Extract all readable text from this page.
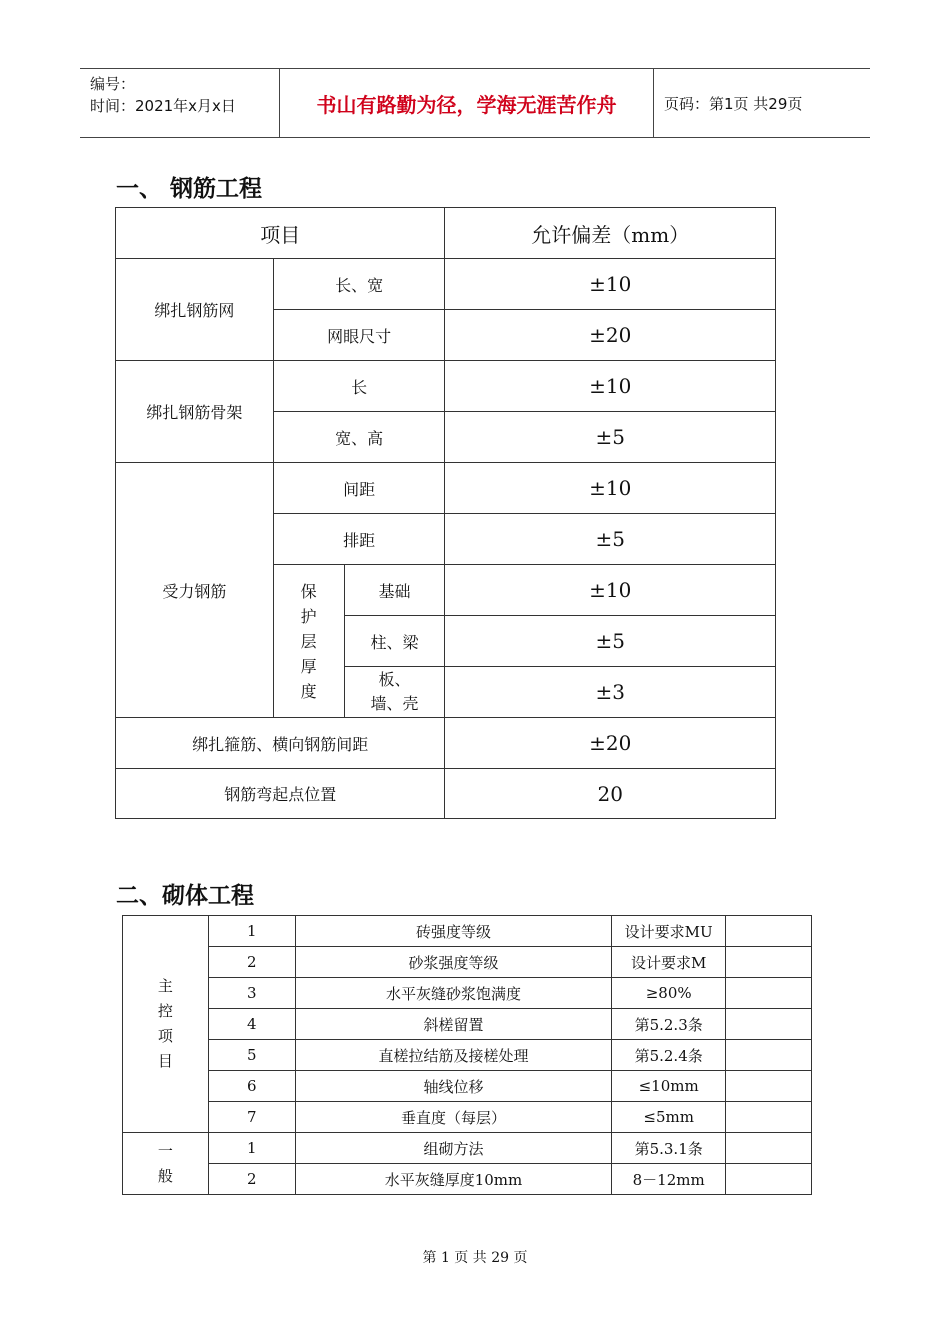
编号：
时间：2021年x月x日	书山有路勤为径，学海无涯苦作舟	页码：第1页 共29页
一、 钢筋工程
项目			允许偏差（mm）
绑扎钢筋网	长、宽		±10
	网眼尺寸		±20
绑扎钢筋骨架	长		±10
	宽、高		±5
受力钢筋	间距		±10
	排距		±5

	保护层厚度	基础	±10
		柱、梁	±5

		板、墙、壳	±3
绑扎箍筋、横向钢筋间距			±20
钢筋弯起点位置			20
二、砌体工程
主控项目	1	砖强度等级	设计要求MU	
	2	砂浆强度等级	设计要求M	
	3	水平灰缝砂浆饱满度	≥80%	
	4	斜槎留置	第5.2.3条	
	5	直槎拉结筋及接槎处理	第5.2.4条	
	6	轴线位移	≤10mm	
	7	垂直度（每层）	≤5mm	

一般	1	组砌方法	第5.3.1条	
	2	水平灰缝厚度10mm	8－12mm	
第 1 页 共 29 页
